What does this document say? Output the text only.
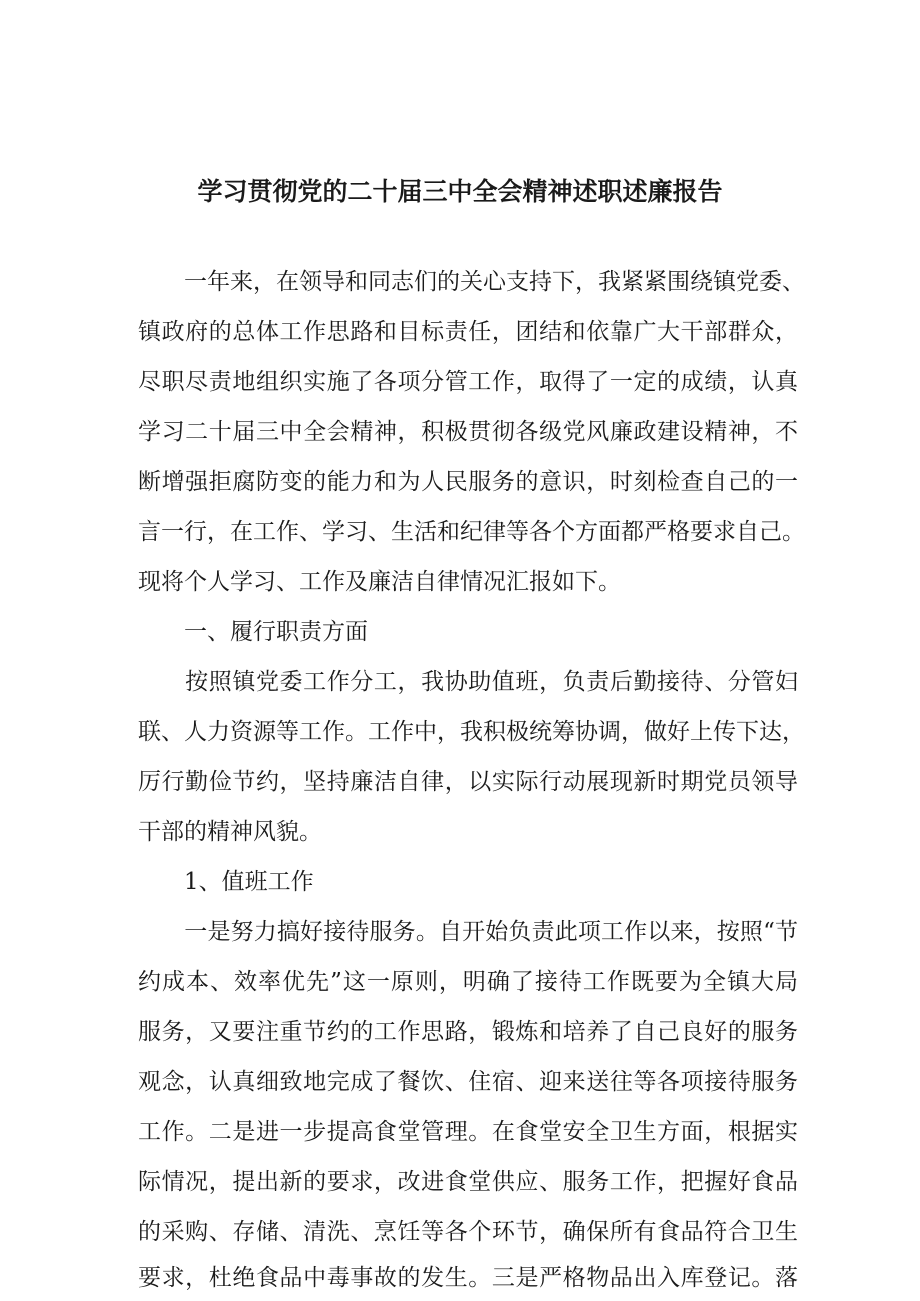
学习贯彻党的二十届三中全会精神述职述廉报告
　　一年来，在领导和同志们的关心支持下，我紧紧围绕镇党委、
镇政府的总体工作思路和目标责任，团结和依靠广大干部群众，
尽职尽责地组织实施了各项分管工作，取得了一定的成绩，认真
学习二十届三中全会精神，积极贯彻各级党风廉政建设精神，不
断增强拒腐防变的能力和为人民服务的意识，时刻检查自己的一
言一行，在工作、学习、生活和纪律等各个方面都严格要求自己。
现将个人学习、工作及廉洁自律情况汇报如下。
一、履行职责方面
　　按照镇党委工作分工，我协助值班，负责后勤接待、分管妇
联、人力资源等工作。工作中，我积极统筹协调，做好上传下达，
厉行勤俭节约，坚持廉洁自律，以实际行动展现新时期党员领导
干部的精神风貌。
1、值班工作
　　一是努力搞好接待服务。自开始负责此项工作以来，按照“节
约成本、效率优先”这一原则，明确了接待工作既要为全镇大局
服务，又要注重节约的工作思路，锻炼和培养了自己良好的服务
观念，认真细致地完成了餐饮、住宿、迎来送往等各项接待服务
工作。二是进一步提高食堂管理。在食堂安全卫生方面，根据实
际情况，提出新的要求，改进食堂供应、服务工作，把握好食品
的采购、存储、清洗、烹饪等各个环节，确保所有食品符合卫生
要求，杜绝食品中毒事故的发生。三是严格物品出入库登记。落
